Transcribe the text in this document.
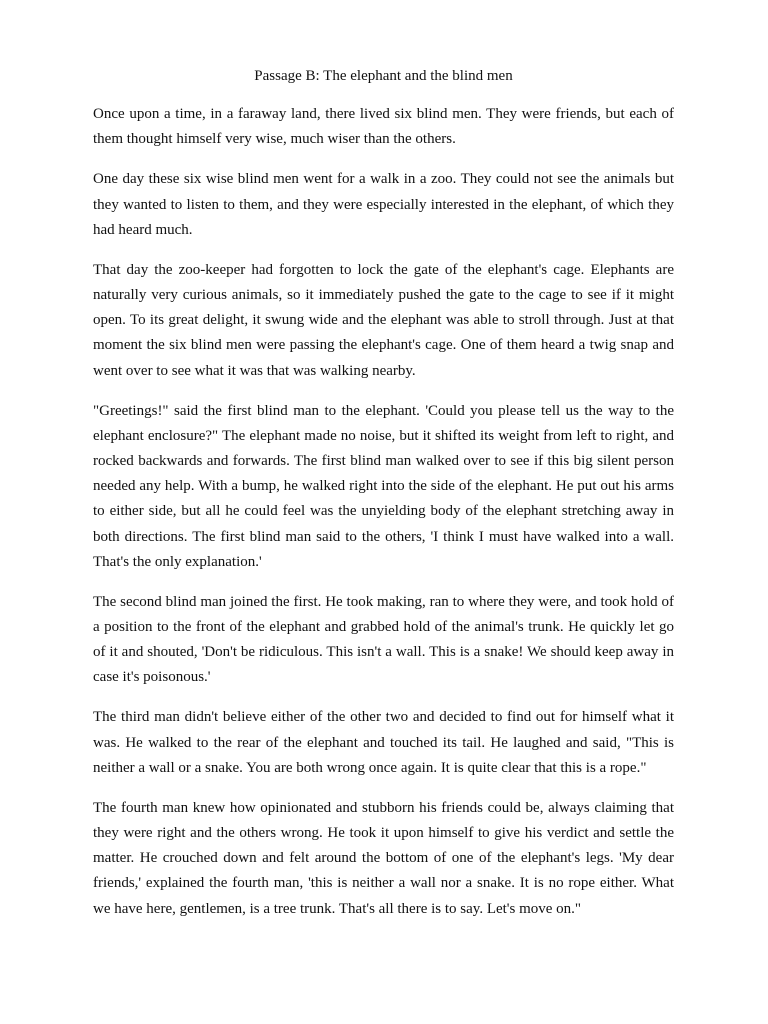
Passage B: The elephant and the blind men

Once upon a time, in a faraway land, there lived six blind men. They were friends, but each of them thought himself very wise, much wiser than the others.

One day these six wise blind men went for a walk in a zoo. They could not see the animals but they wanted to listen to them, and they were especially interested in the elephant, of which they had heard much.

That day the zoo-keeper had forgotten to lock the gate of the elephant's cage. Elephants are naturally very curious animals, so it immediately pushed the gate to the cage to see if it might open. To its great delight, it swung wide and the elephant was able to stroll through. Just at that moment the six blind men were passing the elephant's cage. One of them heard a twig snap and went over to see what it was that was walking nearby.

"Greetings!" said the first blind man to the elephant. 'Could you please tell us the way to the elephant enclosure?" The elephant made no noise, but it shifted its weight from left to right, and rocked backwards and forwards. The first blind man walked over to see if this big silent person needed any help. With a bump, he walked right into the side of the elephant. He put out his arms to either side, but all he could feel was the unyielding body of the elephant stretching away in both directions. The first blind man said to the others, 'I think I must have walked into a wall. That's the only explanation.'

The second blind man joined the first. He took making, ran to where they were, and took hold of a position to the front of the elephant and grabbed hold of the animal's trunk. He quickly let go of it and shouted, 'Don't be ridiculous. This isn't a wall. This is a snake! We should keep away in case it's poisonous.'

The third man didn't believe either of the other two and decided to find out for himself what it was. He walked to the rear of the elephant and touched its tail. He laughed and said, "This is neither a wall or a snake. You are both wrong once again. It is quite clear that this is a rope."

The fourth man knew how opinionated and stubborn his friends could be, always claiming that they were right and the others wrong. He took it upon himself to give his verdict and settle the matter. He crouched down and felt around the bottom of one of the elephant's legs. 'My dear friends,' explained the fourth man, 'this is neither a wall nor a snake. It is no rope either. What we have here, gentlemen, is a tree trunk. That's all there is to say. Let's move on."
